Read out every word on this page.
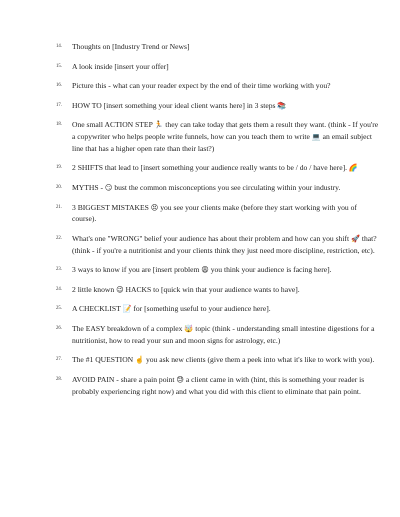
14. Thoughts on [Industry Trend or News]
15. A look inside [insert your offer]
16. Picture this - what can your reader expect by the end of their time working with you?
17. HOW TO [insert something your ideal client wants here] in 3 steps 📚
18. One small ACTION STEP 🏃 they can take today that gets them a result they want. (think - If you're a copywriter who helps people write funnels, how can you teach them to write 💻 an email subject line that has a higher open rate than their last?)
19. 2 SHIFTS that lead to [insert something your audience really wants to be / do / have here]. 🌈
20. MYTHS - 😏 bust the common misconceptions you see circulating within your industry.
21. 3 BIGGEST MISTAKES 😣 you see your clients make (before they start working with you of course).
22. What's one "WRONG" belief your audience has about their problem and how can you shift 🚀 that? (think - if you're a nutritionist and your clients think they just need more discipline, restriction, etc).
23. 3 ways to know if you are [insert problem 😩 you think your audience is facing here].
24. 2 little known 😉 HACKS to [quick win that your audience wants to have].
25. A CHECKLIST 📝 for [something useful to your audience here].
26. The EASY breakdown of a complex 🤯 topic (think - understanding small intestine digestions for a nutritionist, how to read your sun and moon signs for astrology, etc.)
27. The #1 QUESTION ☝️ you ask new clients (give them a peek into what it's like to work with you).
28. AVOID PAIN - share a pain point 😓 a client came in with (hint, this is something your reader is probably experiencing right now) and what you did with this client to eliminate that pain point.
